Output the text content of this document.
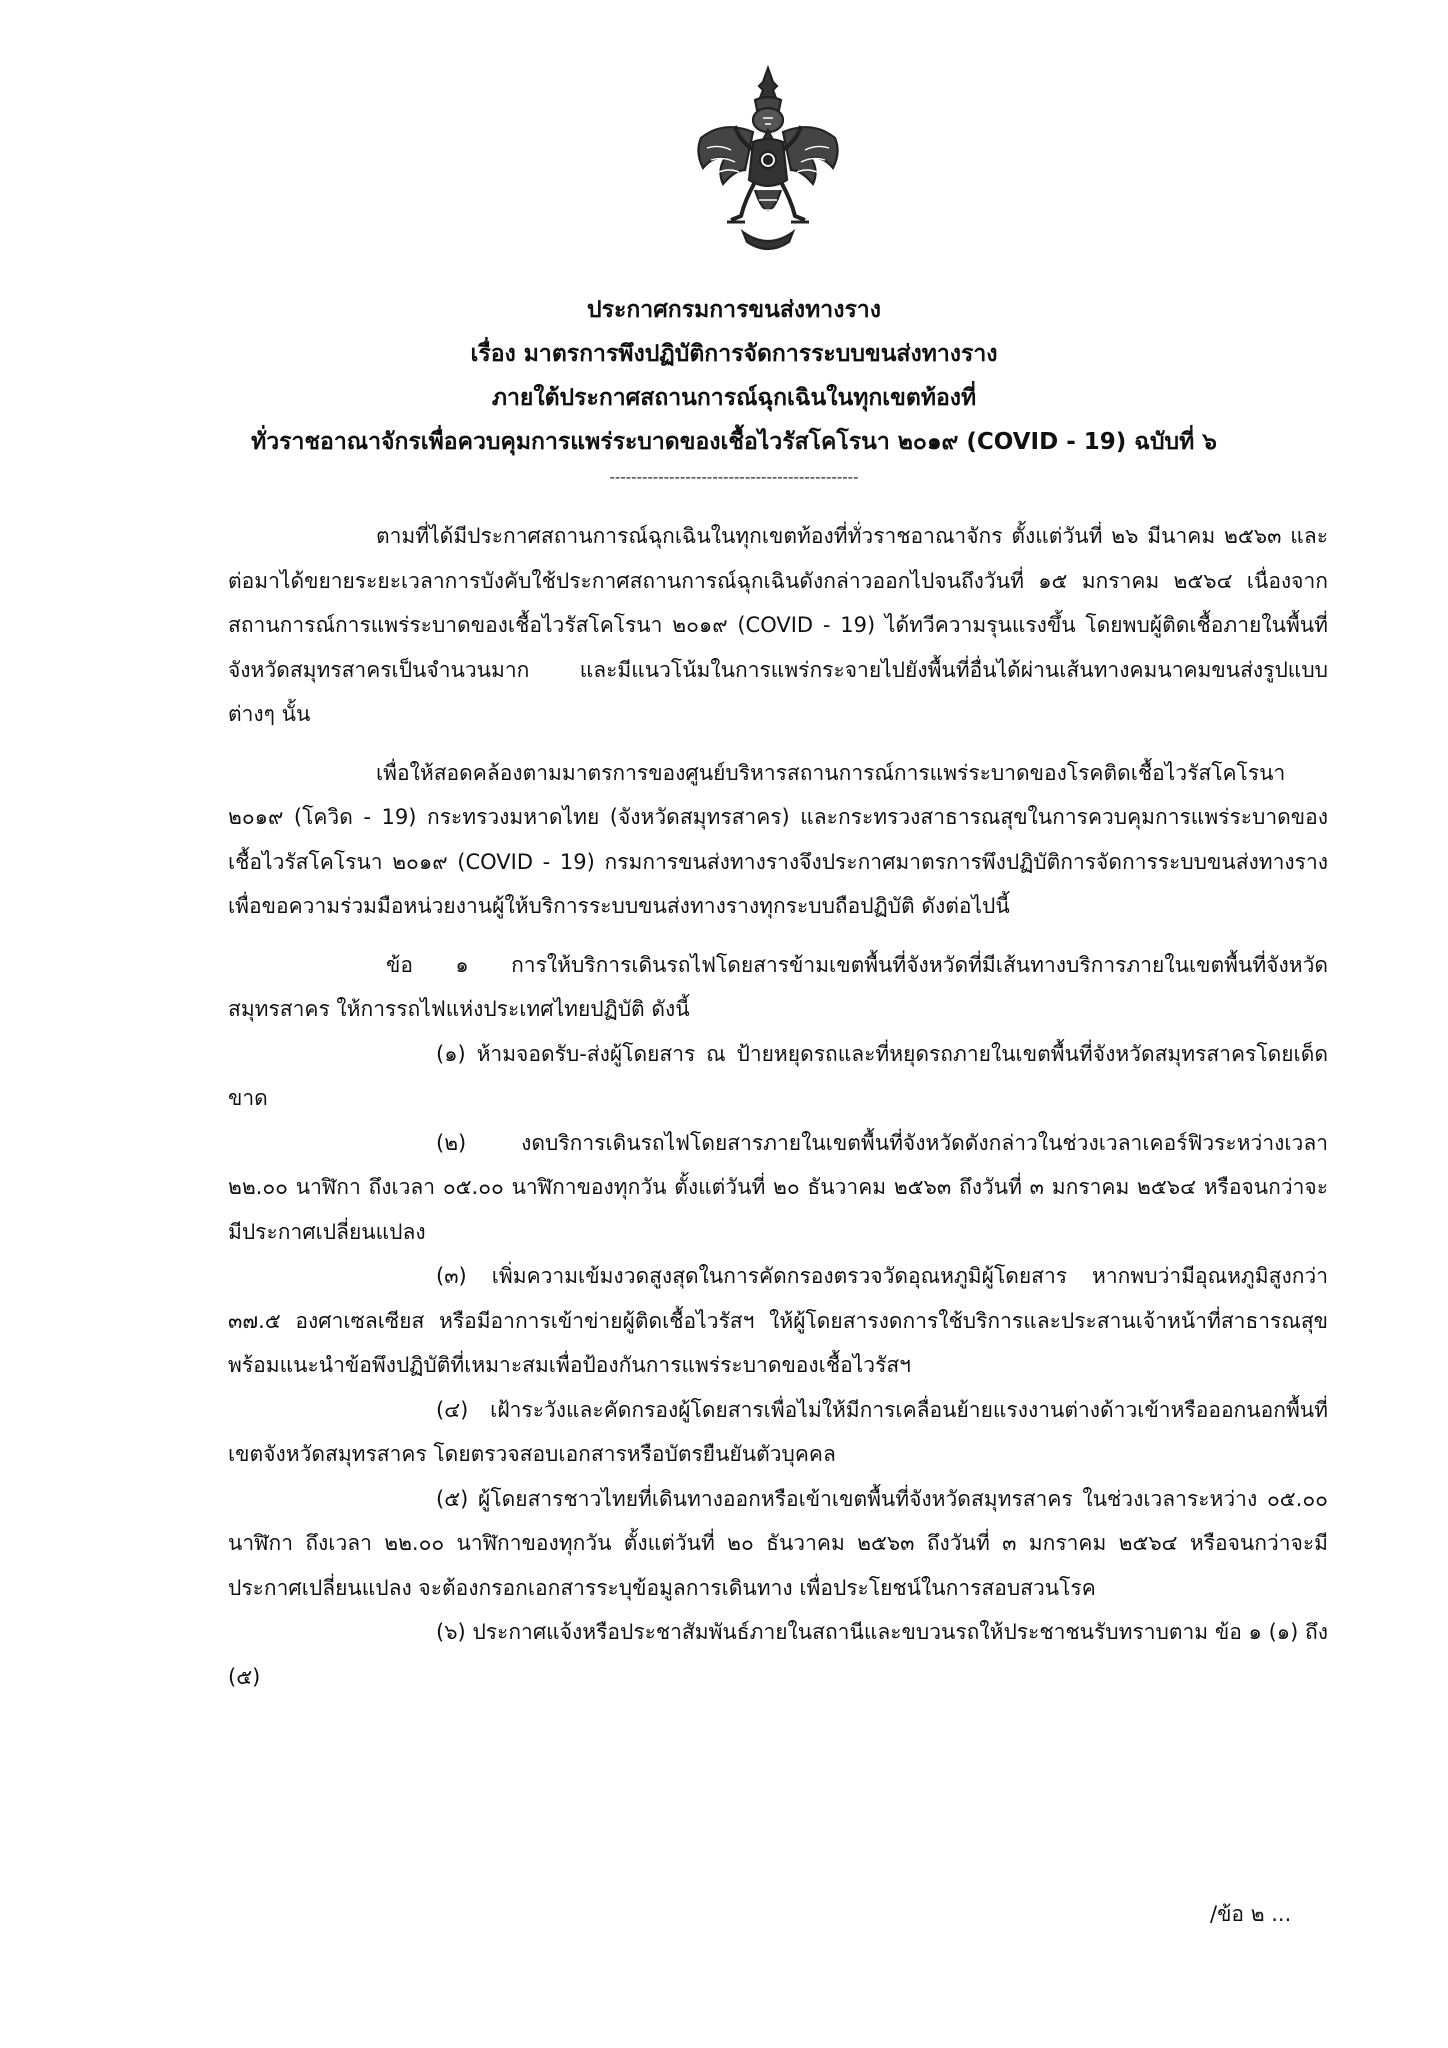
ประกาศกรมการขนส่งทางราง
เรื่อง มาตรการพึงปฏิบัติการจัดการระบบขนส่งทางราง
ภายใต้ประกาศสถานการณ์ฉุกเฉินในทุกเขตท้องที่
ทั่วราชอาณาจักรเพื่อควบคุมการแพร่ระบาดของเชื้อไวรัสโคโรนา ๒๐๑๙ (COVID - 19) ฉบับที่ ๖
----------------------------------------------

ตามที่ได้มีประกาศสถานการณ์ฉุกเฉินในทุกเขตท้องที่ทั่วราชอาณาจักร ตั้งแต่วันที่ ๒๖ มีนาคม ๒๕๖๓ และต่อมาได้ขยายระยะเวลาการบังคับใช้ประกาศสถานการณ์ฉุกเฉินดังกล่าวออกไปจนถึงวันที่ ๑๕ มกราคม ๒๕๖๔ เนื่องจากสถานการณ์การแพร่ระบาดของเชื้อไวรัสโคโรนา ๒๐๑๙ (COVID - 19) ได้ทวีความรุนแรงขึ้น โดยพบผู้ติดเชื้อภายในพื้นที่จังหวัดสมุทรสาครเป็นจำนวนมาก และมีแนวโน้มในการแพร่กระจายไปยังพื้นที่อื่นได้ผ่านเส้นทางคมนาคมขนส่งรูปแบบต่างๆ นั้น

เพื่อให้สอดคล้องตามมาตรการของศูนย์บริหารสถานการณ์การแพร่ระบาดของโรคติดเชื้อไวรัสโคโรนา ๒๐๑๙ (โควิด - 19) กระทรวงมหาดไทย (จังหวัดสมุทรสาคร) และกระทรวงสาธารณสุขในการควบคุมการแพร่ระบาดของเชื้อไวรัสโคโรนา ๒๐๑๙ (COVID - 19) กรมการขนส่งทางรางจึงประกาศมาตรการพึงปฏิบัติการจัดการระบบขนส่งทางราง เพื่อขอความร่วมมือหน่วยงานผู้ให้บริการระบบขนส่งทางรางทุกระบบถือปฏิบัติ ดังต่อไปนี้

ข้อ ๑ การให้บริการเดินรถไฟโดยสารข้ามเขตพื้นที่จังหวัดที่มีเส้นทางบริการภายในเขตพื้นที่จังหวัดสมุทรสาคร ให้การรถไฟแห่งประเทศไทยปฏิบัติ ดังนี้

(๑) ห้ามจอดรับ-ส่งผู้โดยสาร ณ ป้ายหยุดรถและที่หยุดรถภายในเขตพื้นที่จังหวัดสมุทรสาครโดยเด็ดขาด

(๒) งดบริการเดินรถไฟโดยสารภายในเขตพื้นที่จังหวัดดังกล่าวในช่วงเวลาเคอร์ฟิวระหว่างเวลา ๒๒.๐๐ นาฬิกา ถึงเวลา ๐๕.๐๐ นาฬิกาของทุกวัน ตั้งแต่วันที่ ๒๐ ธันวาคม ๒๕๖๓ ถึงวันที่ ๓ มกราคม ๒๕๖๔ หรือจนกว่าจะมีประกาศเปลี่ยนแปลง

(๓) เพิ่มความเข้มงวดสูงสุดในการคัดกรองตรวจวัดอุณหภูมิผู้โดยสาร หากพบว่ามีอุณหภูมิสูงกว่า ๓๗.๕ องศาเซลเซียส หรือมีอาการเข้าข่ายผู้ติดเชื้อไวรัสฯ ให้ผู้โดยสารงดการใช้บริการและประสานเจ้าหน้าที่สาธารณสุข พร้อมแนะนำข้อพึงปฏิบัติที่เหมาะสมเพื่อป้องกันการแพร่ระบาดของเชื้อไวรัสฯ

(๔) เฝ้าระวังและคัดกรองผู้โดยสารเพื่อไม่ให้มีการเคลื่อนย้ายแรงงานต่างด้าวเข้าหรือออกนอกพื้นที่เขตจังหวัดสมุทรสาคร โดยตรวจสอบเอกสารหรือบัตรยืนยันตัวบุคคล

(๕) ผู้โดยสารชาวไทยที่เดินทางออกหรือเข้าเขตพื้นที่จังหวัดสมุทรสาคร ในช่วงเวลาระหว่าง ๐๕.๐๐ นาฬิกา ถึงเวลา ๒๒.๐๐ นาฬิกาของทุกวัน ตั้งแต่วันที่ ๒๐ ธันวาคม ๒๕๖๓ ถึงวันที่ ๓ มกราคม ๒๕๖๔ หรือจนกว่าจะมีประกาศเปลี่ยนแปลง จะต้องกรอกเอกสารระบุข้อมูลการเดินทาง เพื่อประโยชน์ในการสอบสวนโรค

(๖) ประกาศแจ้งหรือประชาสัมพันธ์ภายในสถานีและขบวนรถให้ประชาชนรับทราบตาม ข้อ ๑ (๑) ถึง (๕)

/ข้อ ๒ ...
